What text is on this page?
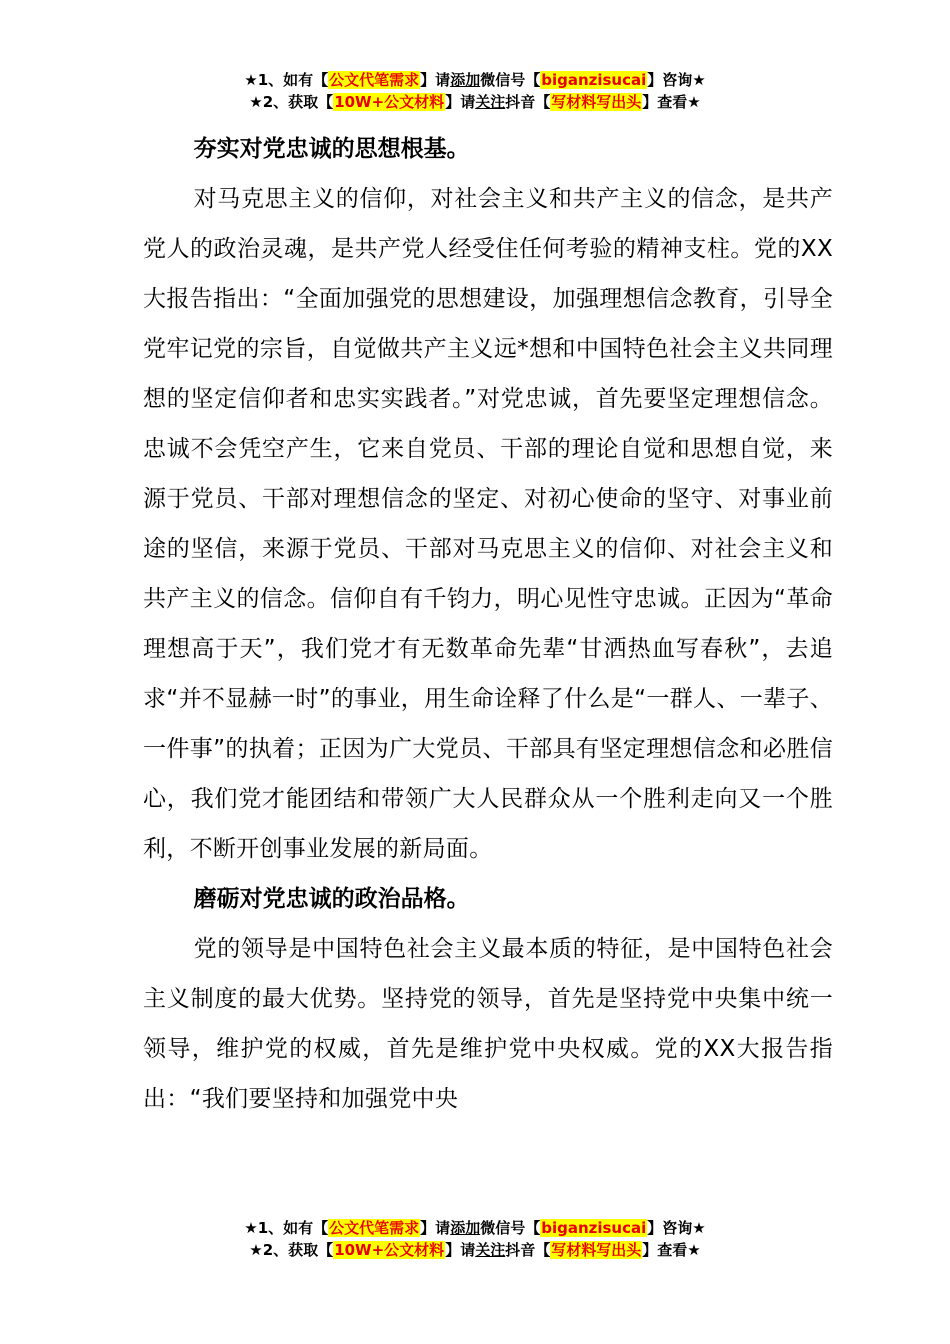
★1、如有【公文代笔需求】请添加微信号【biganzisucai】咨询★
★2、获取【10W+公文材料】请关注抖音【写材料写出头】查看★

夯实对党忠诚的思想根基。

对马克思主义的信仰，对社会主义和共产主义的信念，是共产党人的政治灵魂，是共产党人经受住任何考验的精神支柱。党的XX大报告指出：“全面加强党的思想建设，加强理想信念教育，引导全党牢记党的宗旨，自觉做共产主义远*想和中国特色社会主义共同理想的坚定信仰者和忠实实践者。”对党忠诚，首先要坚定理想信念。忠诚不会凭空产生，它来自党员、干部的理论自觉和思想自觉，来源于党员、干部对理想信念的坚定、对初心使命的坚守、对事业前途的坚信，来源于党员、干部对马克思主义的信仰、对社会主义和共产主义的信念。信仰自有千钧力，明心见性守忠诚。正因为“革命理想高于天”，我们党才有无数革命先辈“甘洒热血写春秋”，去追求“并不显赫一时”的事业，用生命诠释了什么是“一群人、一辈子、一件事”的执着；正因为广大党员、干部具有坚定理想信念和必胜信心，我们党才能团结和带领广大人民群众从一个胜利走向又一个胜利，不断开创事业发展的新局面。

磨砺对党忠诚的政治品格。

党的领导是中国特色社会主义最本质的特征，是中国特色社会主义制度的最大优势。坚持党的领导，首先是坚持党中央集中统一领导，维护党的权威，首先是维护党中央权威。党的XX大报告指出：“我们要坚持和加强党中央

★1、如有【公文代笔需求】请添加微信号【biganzisucai】咨询★
★2、获取【10W+公文材料】请关注抖音【写材料写出头】查看★
